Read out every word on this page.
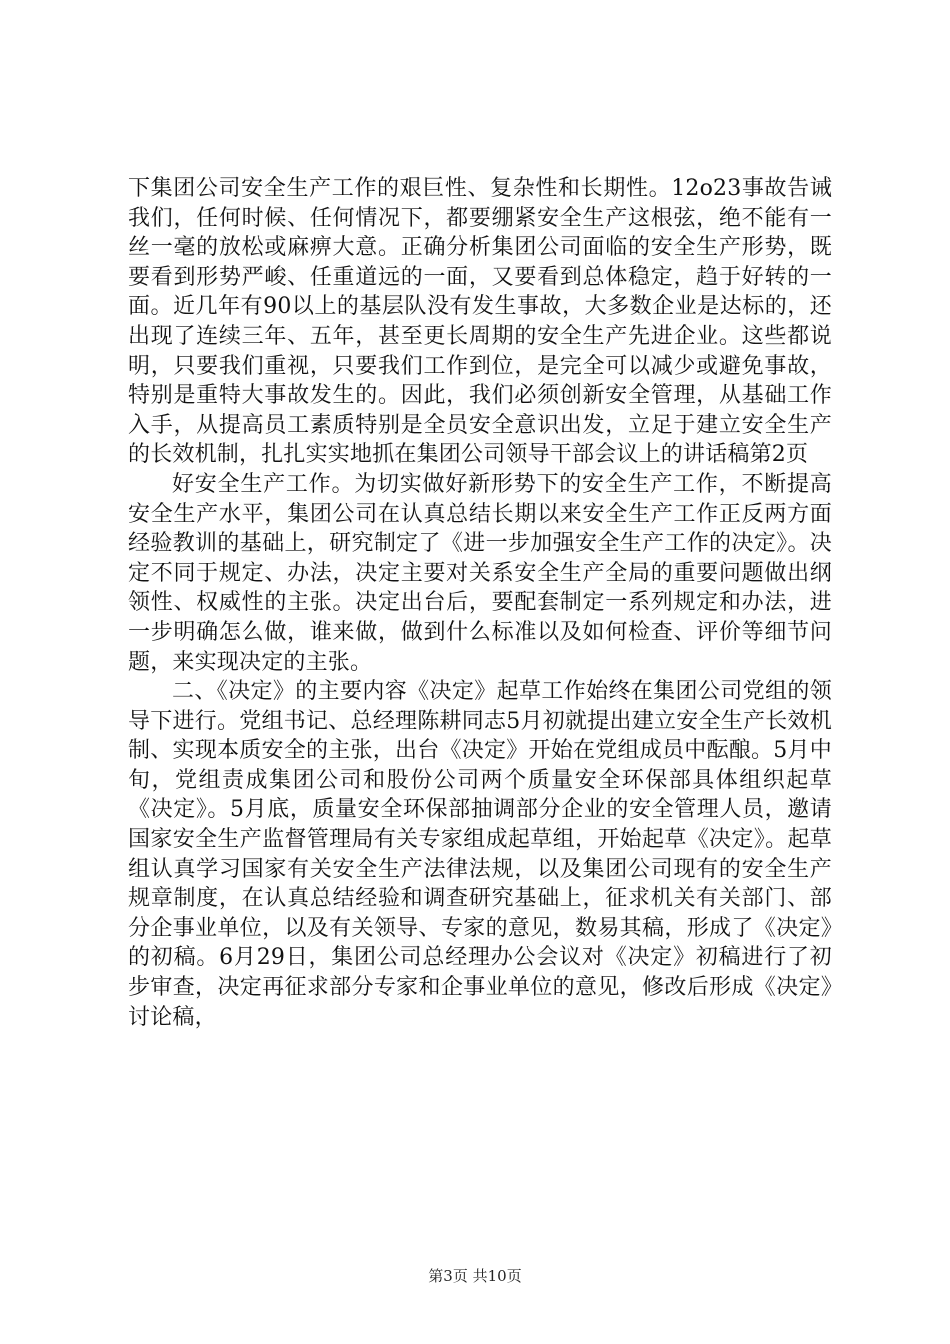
下集团公司安全生产工作的艰巨性、复杂性和长期性。12o23事故告诫我们，任何时候、任何情况下，都要绷紧安全生产这根弦，绝不能有一丝一毫的放松或麻痹大意。正确分析集团公司面临的安全生产形势，既要看到形势严峻、任重道远的一面，又要看到总体稳定，趋于好转的一面。近几年有90以上的基层队没有发生事故，大多数企业是达标的，还出现了连续三年、五年，甚至更长周期的安全生产先进企业。这些都说明，只要我们重视，只要我们工作到位，是完全可以减少或避免事故，特别是重特大事故发生的。因此，我们必须创新安全管理，从基础工作入手，从提高员工素质特别是全员安全意识出发，立足于建立安全生产的长效机制，扎扎实实地抓在集团公司领导干部会议上的讲话稿第2页

好安全生产工作。为切实做好新形势下的安全生产工作，不断提高安全生产水平，集团公司在认真总结长期以来安全生产工作正反两方面经验教训的基础上，研究制定了《进一步加强安全生产工作的决定》。决定不同于规定、办法，决定主要对关系安全生产全局的重要问题做出纲领性、权威性的主张。决定出台后，要配套制定一系列规定和办法，进一步明确怎么做，谁来做，做到什么标准以及如何检查、评价等细节问题，来实现决定的主张。

二、《决定》的主要内容《决定》起草工作始终在集团公司党组的领导下进行。党组书记、总经理陈耕同志5月初就提出建立安全生产长效机制、实现本质安全的主张，出台《决定》开始在党组成员中酝酿。5月中旬，党组责成集团公司和股份公司两个质量安全环保部具体组织起草《决定》。5月底，质量安全环保部抽调部分企业的安全管理人员，邀请国家安全生产监督管理局有关专家组成起草组，开始起草《决定》。起草组认真学习国家有关安全生产法律法规，以及集团公司现有的安全生产规章制度，在认真总结经验和调查研究基础上，征求机关有关部门、部分企事业单位，以及有关领导、专家的意见，数易其稿，形成了《决定》的初稿。6月29日，集团公司总经理办公会议对《决定》初稿进行了初步审查，决定再征求部分专家和企事业单位的意见，修改后形成《决定》讨论稿，

第3页 共10页
